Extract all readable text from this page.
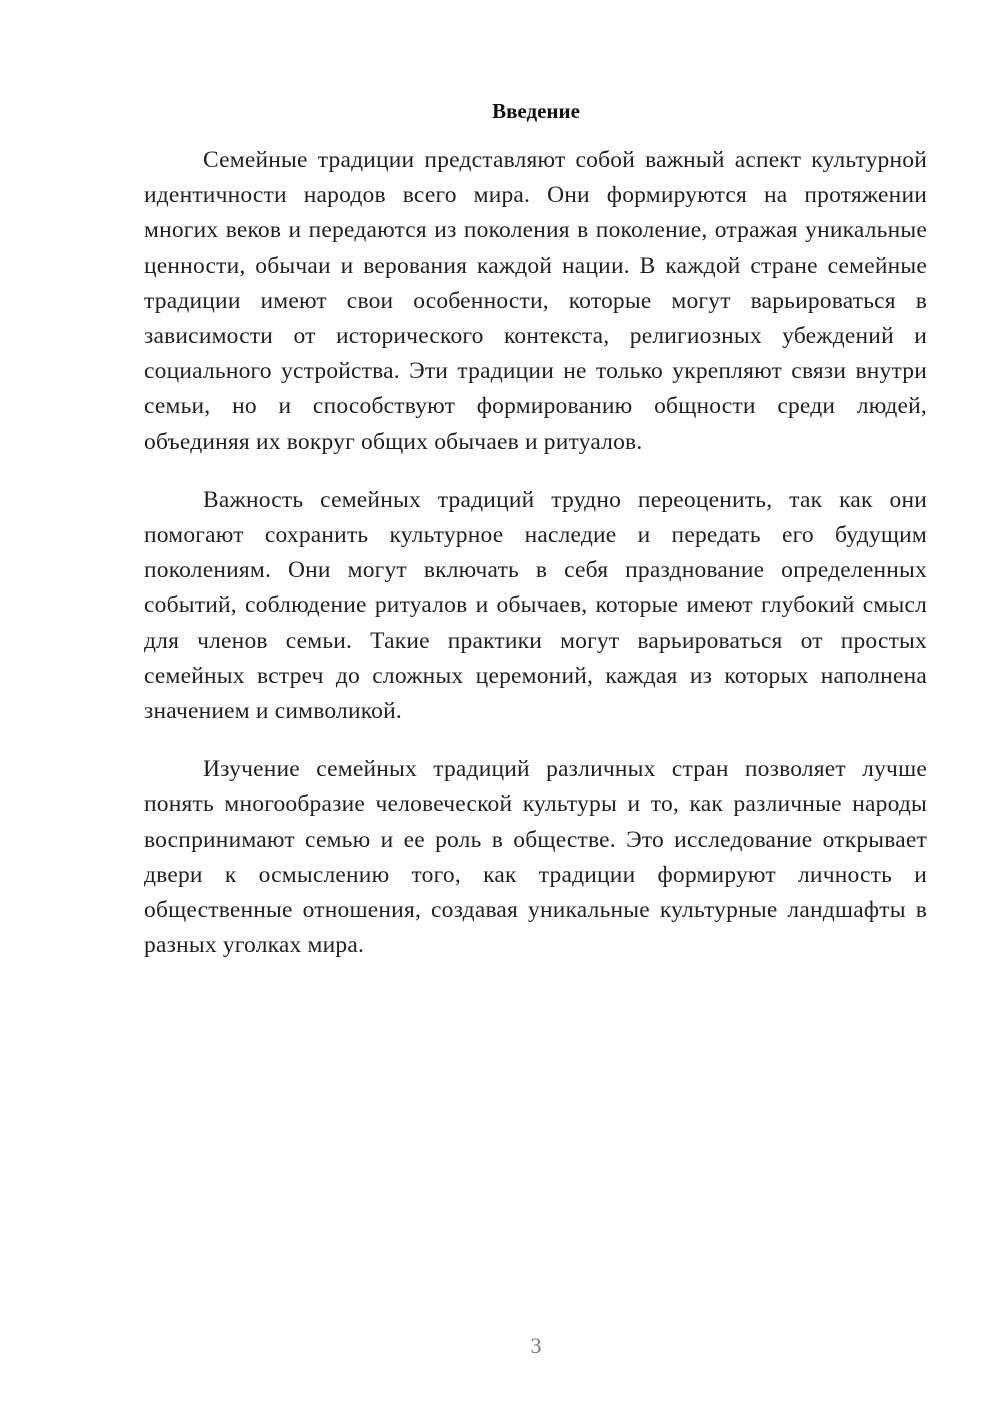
Введение

Семейные традиции представляют собой важный аспект культурной идентичности народов всего мира. Они формируются на протяжении многих веков и передаются из поколения в поколение, отражая уникальные ценности, обычаи и верования каждой нации. В каждой стране семейные традиции имеют свои особенности, которые могут варьироваться в зависимости от исторического контекста, религиозных убеждений и социального устройства. Эти традиции не только укрепляют связи внутри семьи, но и способствуют формированию общности среди людей, объединяя их вокруг общих обычаев и ритуалов.

Важность семейных традиций трудно переоценить, так как они помогают сохранить культурное наследие и передать его будущим поколениям. Они могут включать в себя празднование определенных событий, соблюдение ритуалов и обычаев, которые имеют глубокий смысл для членов семьи. Такие практики могут варьироваться от простых семейных встреч до сложных церемоний, каждая из которых наполнена значением и символикой.

Изучение семейных традиций различных стран позволяет лучше понять многообразие человеческой культуры и то, как различные народы воспринимают семью и ее роль в обществе. Это исследование открывает двери к осмыслению того, как традиции формируют личность и общественные отношения, создавая уникальные культурные ландшафты в разных уголках мира.

3
